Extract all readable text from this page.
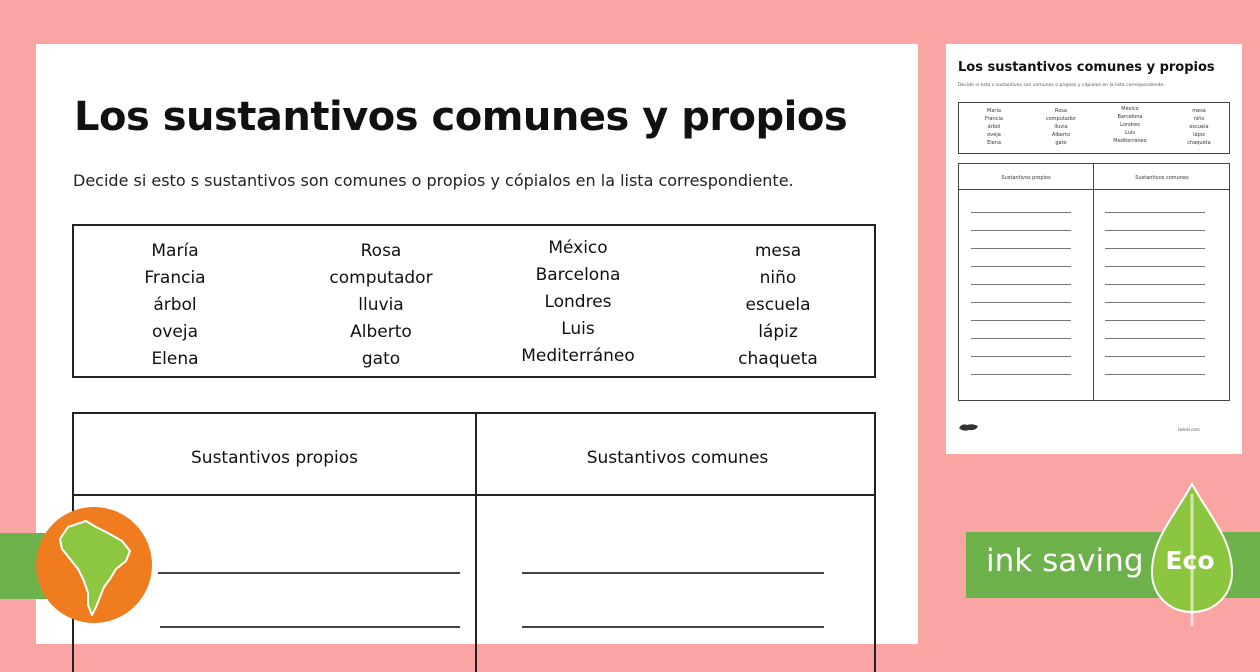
Los sustantivos comunes y propios

Decide si esto s sustantivos son comunes o propios y cópialos en la lista correspondiente.

María
Francia
árbol
oveja
Elena
Rosa
computador
lluvia
Alberto
gato
México
Barcelona
Londres
Luis
Mediterráneo
mesa
niño
escuela
lápiz
chaqueta
Sustantivos propios	Sustantivos comunes
Los sustantivos comunes y propios

Decide si esto s sustantivos son comunes o propios y cópialos en la lista correspondiente.

María
Francia
árbol
oveja
Elena
Rosa
computador
lluvia
Alberto
gato
México
Barcelona
Londres
Luis
Mediterráneo
mesa
niño
escuela
lápiz
chaqueta
Sustantivos propios	Sustantivos comunes
twinkl.com
ink saving Eco
